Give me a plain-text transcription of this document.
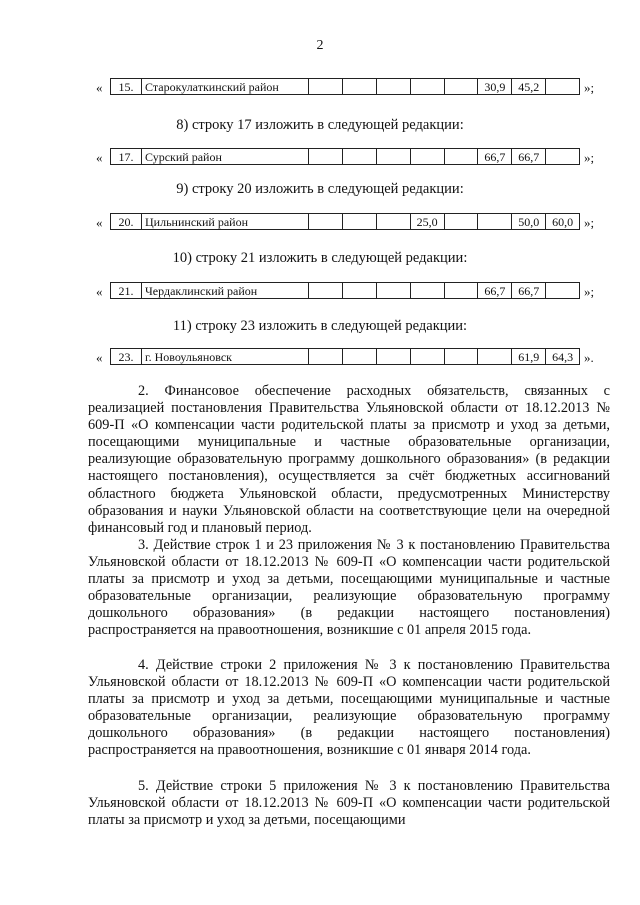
2
« 15.	Старокулаткинский район						30,9	45,2		»;
8) строку 17 изложить в следующей редакции:
« 17.	Сурский район						66,7	66,7		»;
9) строку 20 изложить в следующей редакции:
« 20.	Цильнинский район				25,0			50,0	60,0 »;
10) строку 21 изложить в следующей редакции:
« 21.	Чердаклинский район						66,7	66,7		»;
11) строку 23 изложить в следующей редакции:
« 23.	г. Новоульяновск							61,9	64,3 ».
2. Финансовое обеспечение расходных обязательств, связанных с реализацией постановления Правительства Ульяновской области от 18.12.2013 № 609-П «О компенсации части родительской платы за присмотр и уход за детьми, посещающими муниципальные и частные образовательные организации, реализующие образовательную программу дошкольного образования» (в редакции настоящего постановления), осуществляется за счёт бюджетных ассигнований областного бюджета Ульяновской области, предусмотренных Министерству образования и науки Ульяновской области на соответствующие цели на очередной финансовый год и плановый период.
3. Действие строк 1 и 23 приложения № 3 к постановлению Правительства Ульяновской области от 18.12.2013 № 609-П «О компенсации части родительской платы за присмотр и уход за детьми, посещающими муниципальные и частные образовательные организации, реализующие образовательную программу дошкольного образования» (в редакции настоящего постановления) распространяется на правоотношения, возникшие с 01 апреля 2015 года.
4. Действие строки 2 приложения № 3 к постановлению Правительства Ульяновской области от 18.12.2013 № 609-П «О компенсации части родительской платы за присмотр и уход за детьми, посещающими муниципальные и частные образовательные организации, реализующие образовательную программу дошкольного образования» (в редакции настоящего постановления) распространяется на правоотношения, возникшие с 01 января 2014 года.
5. Действие строки 5 приложения № 3 к постановлению Правительства Ульяновской области от 18.12.2013 № 609-П «О компенсации части родительской платы за присмотр и уход за детьми, посещающими
